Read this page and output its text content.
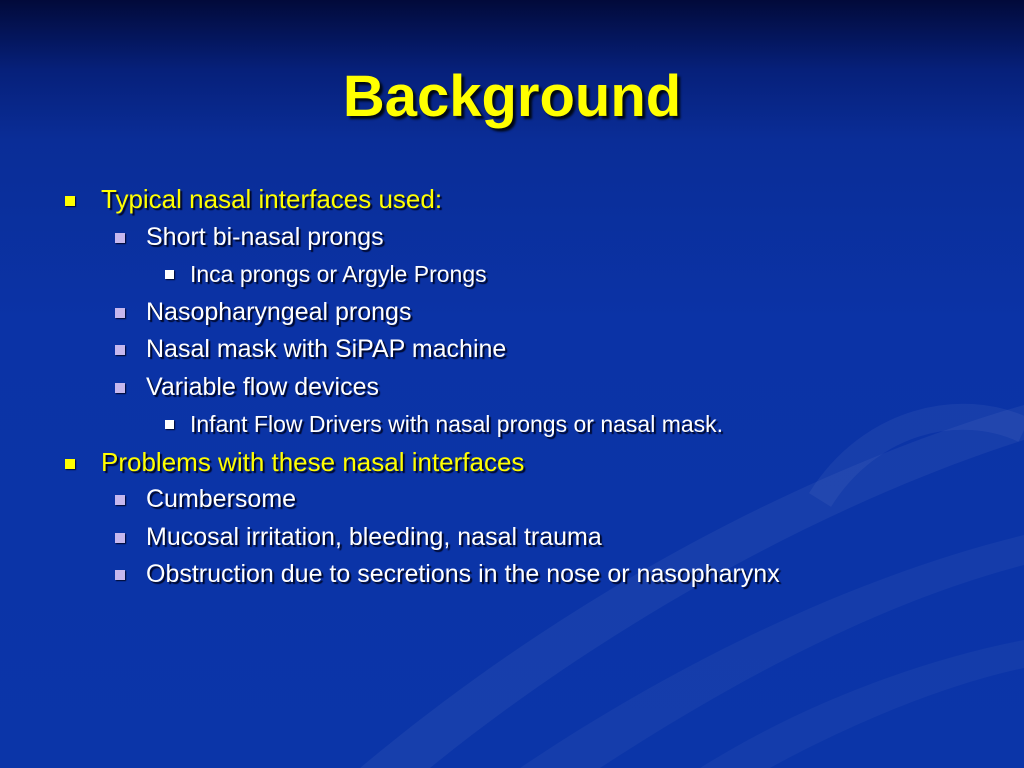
Background
Typical nasal interfaces used:
Short bi-nasal prongs
Inca prongs or Argyle Prongs
Nasopharyngeal prongs
Nasal mask with SiPAP machine
Variable flow devices
Infant Flow Drivers with nasal prongs or nasal mask.
Problems with these nasal interfaces
Cumbersome
Mucosal irritation, bleeding, nasal trauma
Obstruction due to secretions in the nose or nasopharynx
